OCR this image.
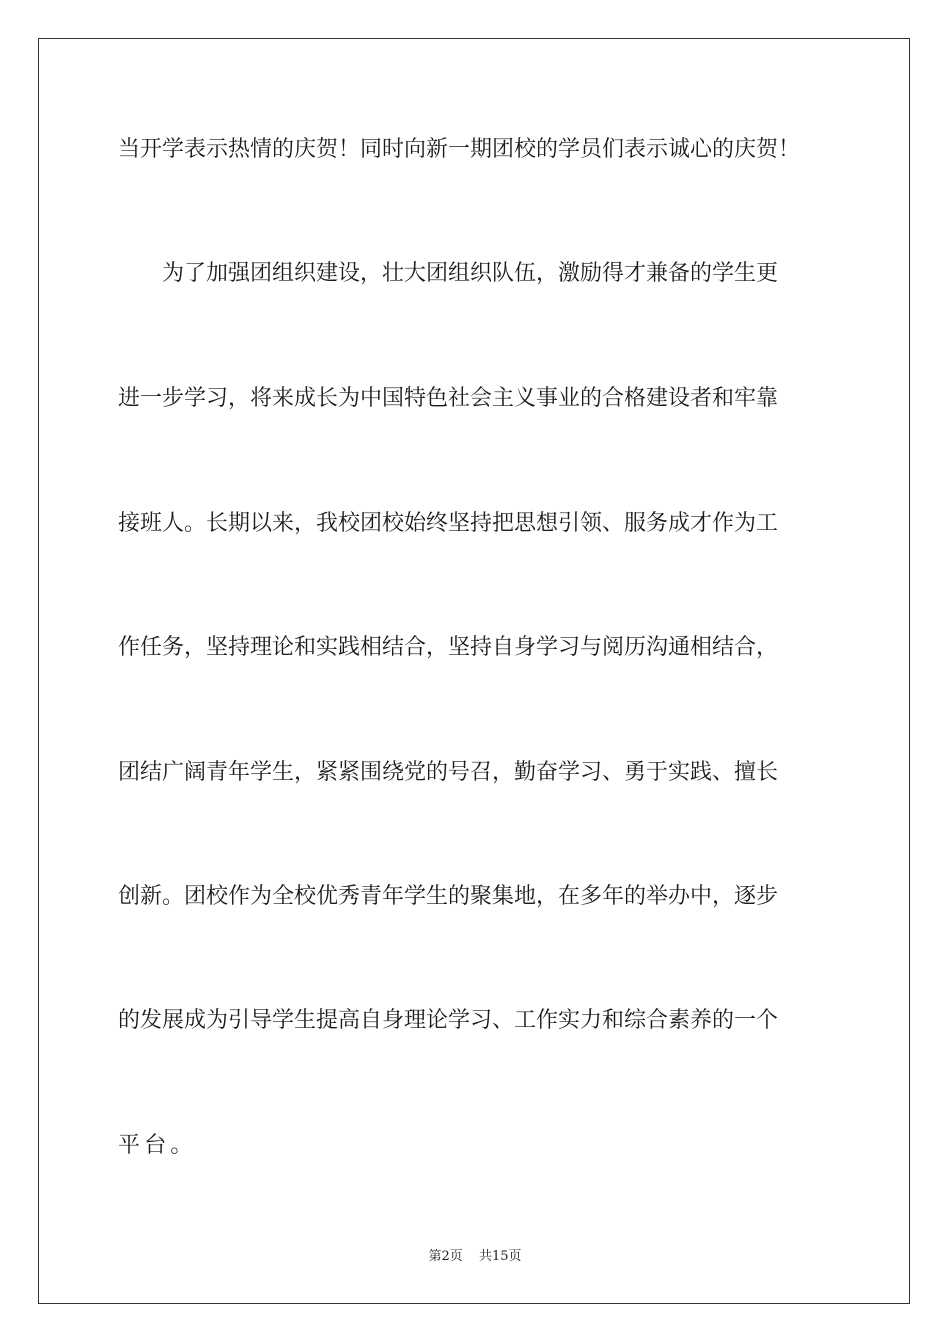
当开学表示热情的庆贺！同时向新一期团校的学员们表示诚心的庆贺！
为了加强团组织建设，壮大团组织队伍，激励得才兼备的学生更
进一步学习，将来成长为中国特色社会主义事业的合格建设者和牢靠
接班人。长期以来，我校团校始终坚持把思想引领、服务成才作为工
作任务，坚持理论和实践相结合，坚持自身学习与阅历沟通相结合，
团结广阔青年学生，紧紧围绕党的号召，勤奋学习、勇于实践、擅长
创新。团校作为全校优秀青年学生的聚集地，在多年的举办中，逐步
的发展成为引导学生提高自身理论学习、工作实力和综合素养的一个
平台。
第2页 共15页
